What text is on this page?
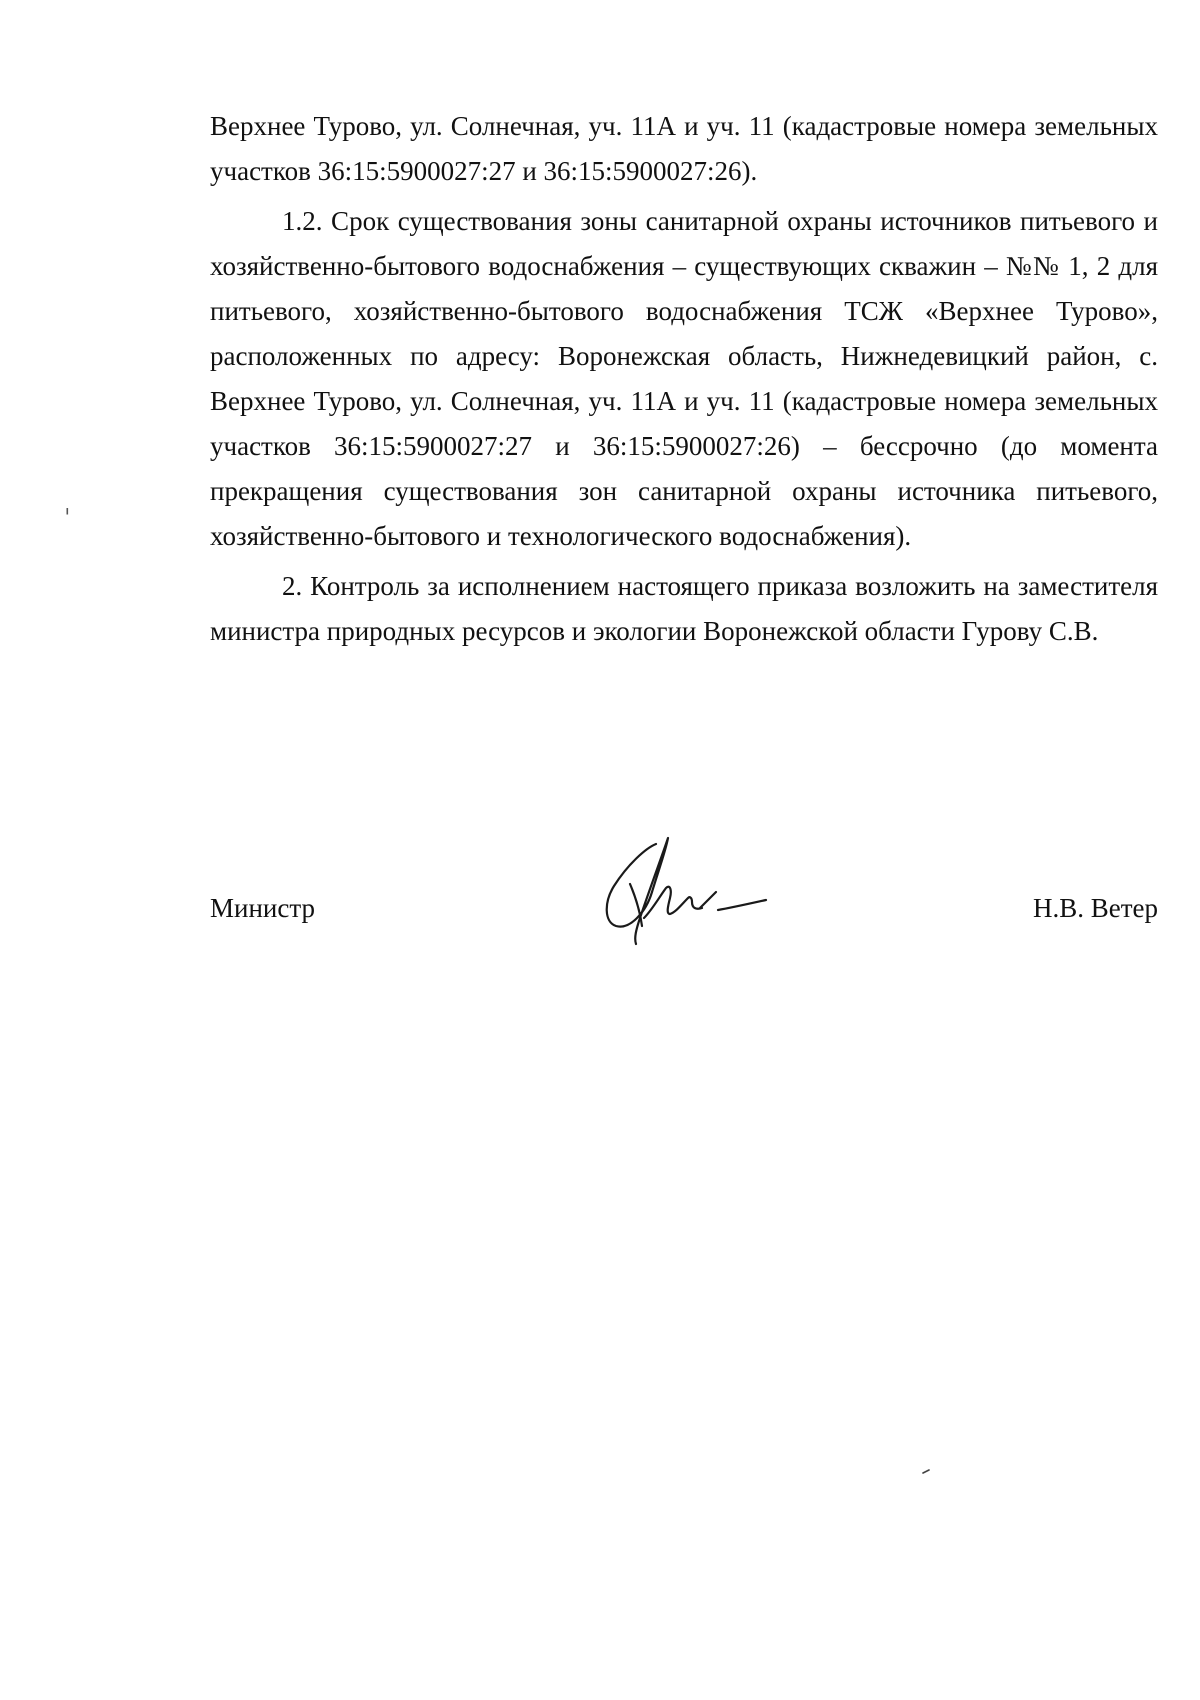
Верхнее Турово, ул. Солнечная, уч. 11А и уч. 11 (кадастровые номера земельных участков 36:15:5900027:27 и 36:15:5900027:26).

1.2. Срок существования зоны санитарной охраны источников питьевого и хозяйственно-бытового водоснабжения – существующих скважин – №№ 1, 2 для питьевого, хозяйственно-бытового водоснабжения ТСЖ «Верхнее Турово», расположенных по адресу: Воронежская область, Нижнедевицкий район, с. Верхнее Турово, ул. Солнечная, уч. 11А и уч. 11 (кадастровые номера земельных участков 36:15:5900027:27 и 36:15:5900027:26) – бессрочно (до момента прекращения существования зон санитарной охраны источника питьевого, хозяйственно-бытового и технологического водоснабжения).

2. Контроль за исполнением настоящего приказа возложить на заместителя министра природных ресурсов и экологии Воронежской области Гурову С.В.

Министр	Н.В. Ветер
